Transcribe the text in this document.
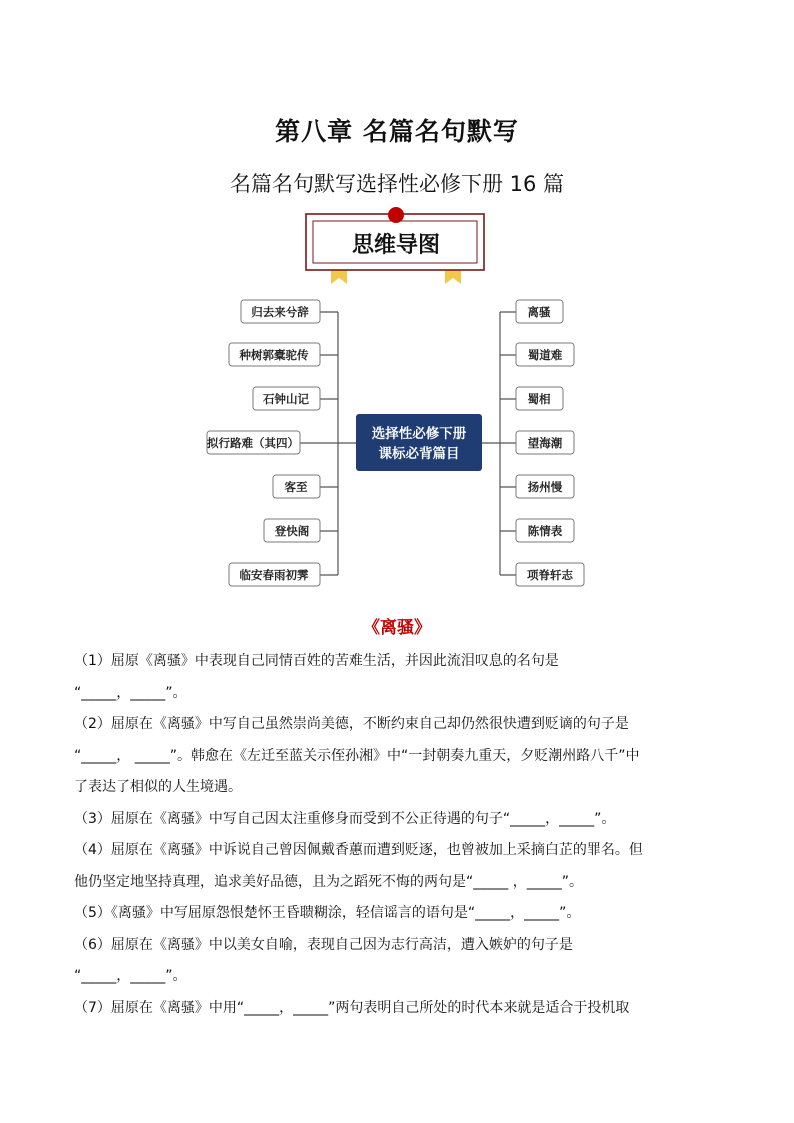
第八章 名篇名句默写
名篇名句默写选择性必修下册 16 篇
思维导图
选择性必修下册
课标必背篇目
归去来兮辞
种树郭橐驼传
石钟山记
拟行路难（其四）
客至
登快阁
临安春雨初霁
离骚
蜀道难
蜀相
望海潮
扬州慢
陈情表
项脊轩志
《离骚》

（1）屈原《离骚》中表现自己同情百姓的苦难生活，并因此流泪叹息的名句是

“_____，_____”。

（2）屈原在《离骚》中写自己虽然崇尚美德，不断约束自己却仍然很快遭到贬谪的句子是

“_____， _____”。韩愈在《左迁至蓝关示侄孙湘》中“一封朝奏九重天，夕贬潮州路八千”中

了表达了相似的人生境遇。

（3）屈原在《离骚》中写自己因太注重修身而受到不公正待遇的句子“_____，_____”。

（4）屈原在《离骚》中诉说自己曾因佩戴香蕙而遭到贬逐，也曾被加上采摘白芷的罪名。但

他仍坚定地坚持真理，追求美好品德，且为之蹈死不悔的两句是“_____ ，_____”。

（5）《离骚》中写屈原怨恨楚怀王昏聩糊涂，轻信谣言的语句是“_____，_____”。

（6）屈原在《离骚》中以美女自喻，表现自己因为志行高洁，遭入嫉妒的句子是

“_____，_____”。

（7）屈原在《离骚》中用“_____，_____”两句表明自己所处的时代本来就是适合于投机取
